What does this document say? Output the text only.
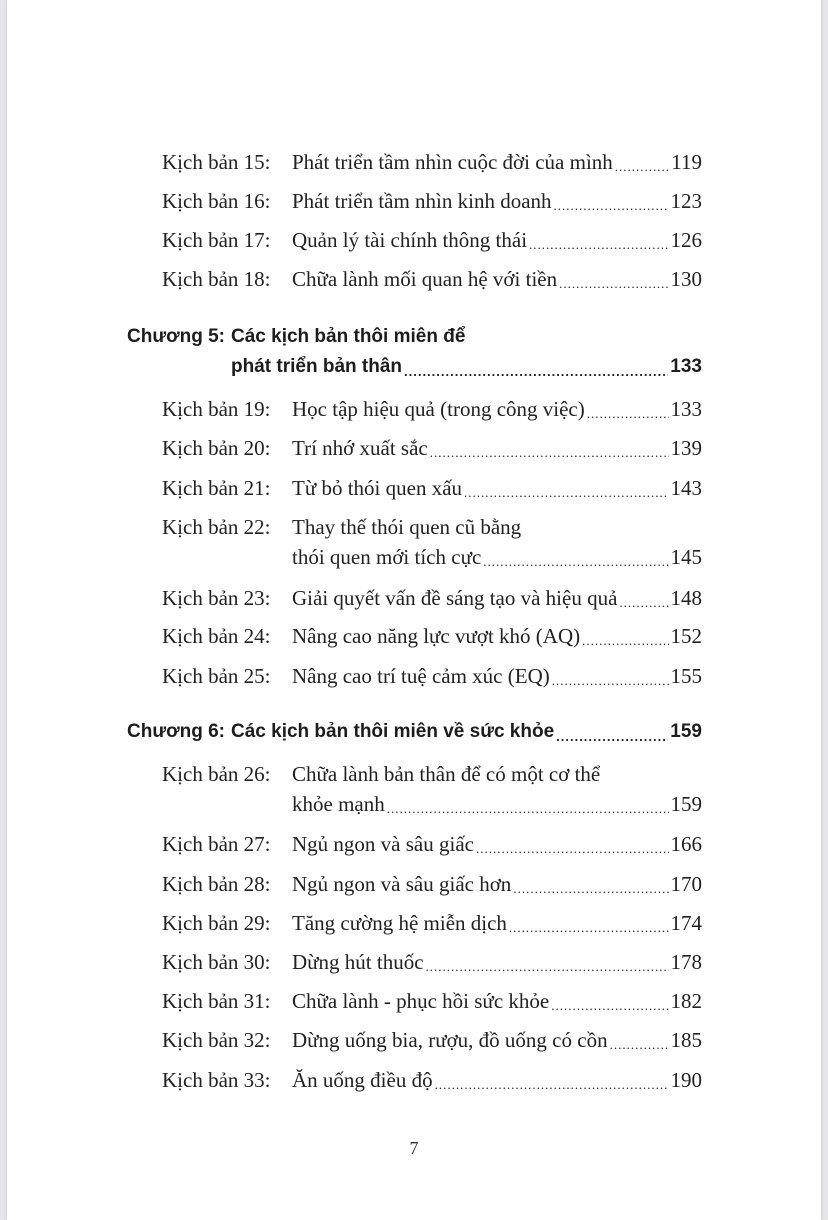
Kịch bản 15: Phát triển tầm nhìn cuộc đời của mình .....	119
Kịch bản 16: Phát triển tầm nhìn kinh doanh .....	123
Kịch bản 17: Quản lý tài chính thông thái .....	126
Kịch bản 18: Chữa lành mối quan hệ với tiền .....	130
Chương 5: Các kịch bản thôi miên để
phát triển bản thân .....	133
Kịch bản 19: Học tập hiệu quả (trong công việc) .....	133
Kịch bản 20: Trí nhớ xuất sắc .....	139
Kịch bản 21: Từ bỏ thói quen xấu .....	143
Kịch bản 22: Thay thế thói quen cũ bằng
thói quen mới tích cực .....	145
Kịch bản 23: Giải quyết vấn đề sáng tạo và hiệu quả .....	148
Kịch bản 24: Nâng cao năng lực vượt khó (AQ) .....	152
Kịch bản 25: Nâng cao trí tuệ cảm xúc (EQ) .....	155
Chương 6: Các kịch bản thôi miên về sức khỏe .....	159
Kịch bản 26: Chữa lành bản thân để có một cơ thể
khỏe mạnh .....	159
Kịch bản 27: Ngủ ngon và sâu giấc .....	166
Kịch bản 28: Ngủ ngon và sâu giấc hơn .....	170
Kịch bản 29: Tăng cường hệ miễn dịch .....	174
Kịch bản 30: Dừng hút thuốc .....	178
Kịch bản 31: Chữa lành - phục hồi sức khỏe .....	182
Kịch bản 32: Dừng uống bia, rượu, đồ uống có cồn .....	185
Kịch bản 33: Ăn uống điều độ .....	190
7
